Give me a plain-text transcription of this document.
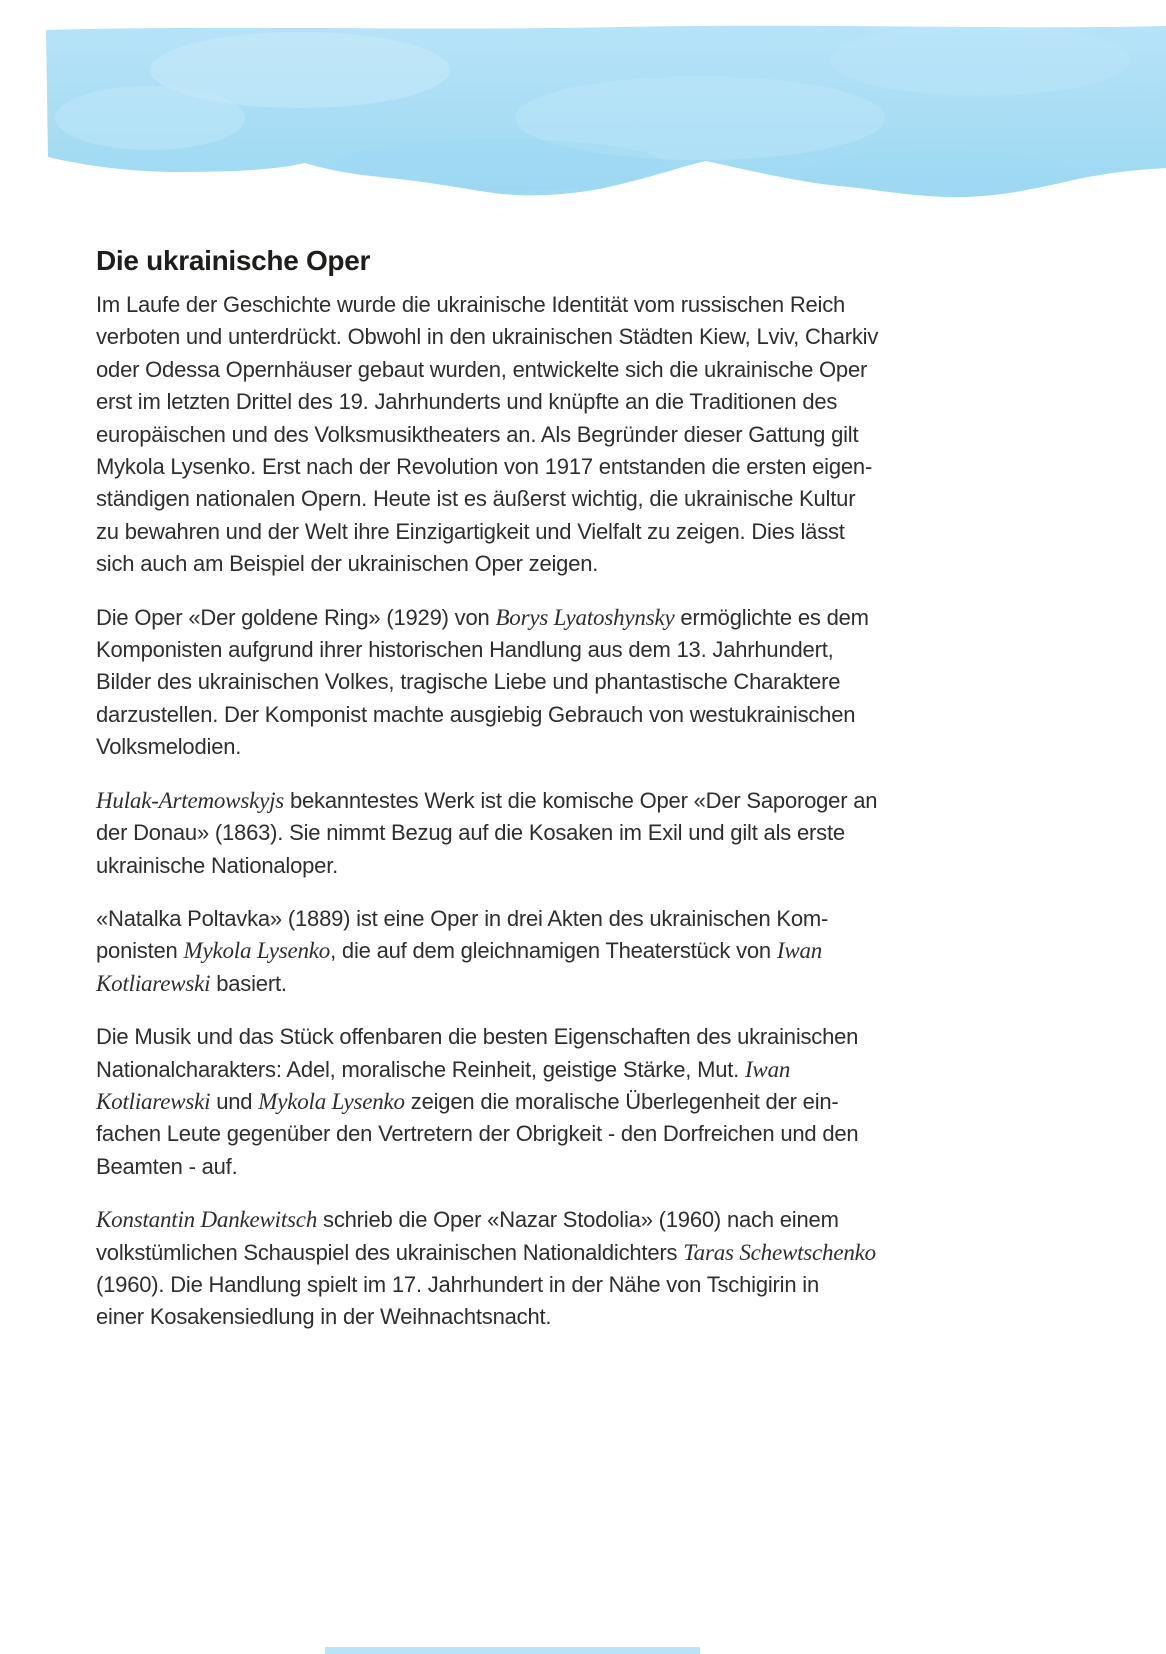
Die ukrainische Oper
Im Laufe der Geschichte wurde die ukrainische Identität vom russischen Reich
verboten und unterdrückt. Obwohl in den ukrainischen Städten Kiew, Lviv, Charkiv
oder Odessa Opernhäuser gebaut wurden, entwickelte sich die ukrainische Oper
erst im letzten Drittel des 19. Jahrhunderts und knüpfte an die Traditionen des
europäischen und des Volksmusiktheaters an. Als Begründer dieser Gattung gilt
Mykola Lysenko. Erst nach der Revolution von 1917 entstanden die ersten eigen-
ständigen nationalen Opern. Heute ist es äußerst wichtig, die ukrainische Kultur
zu bewahren und der Welt ihre Einzigartigkeit und Vielfalt zu zeigen. Dies lässt
sich auch am Beispiel der ukrainischen Oper zeigen.
Die Oper «Der goldene Ring» (1929) von Borys Lyatoshynsky ermöglichte es dem
Komponisten aufgrund ihrer historischen Handlung aus dem 13. Jahrhundert,
Bilder des ukrainischen Volkes, tragische Liebe und phantastische Charaktere
darzustellen. Der Komponist machte ausgiebig Gebrauch von westukrainischen
Volksmelodien.
Hulak-Artemowskyjs bekanntestes Werk ist die komische Oper «Der Saporoger an
der Donau» (1863). Sie nimmt Bezug auf die Kosaken im Exil und gilt als erste
ukrainische Nationaloper.
«Natalka Poltavka» (1889) ist eine Oper in drei Akten des ukrainischen Kom-
ponisten Mykola Lysenko, die auf dem gleichnamigen Theaterstück von Iwan
Kotliarewski basiert.
Die Musik und das Stück offenbaren die besten Eigenschaften des ukrainischen
Nationalcharakters: Adel, moralische Reinheit, geistige Stärke, Mut. Iwan
Kotliarewski und Mykola Lysenko zeigen die moralische Überlegenheit der ein-
fachen Leute gegenüber den Vertretern der Obrigkeit - den Dorfreichen und den
Beamten - auf.
Konstantin Dankewitsch schrieb die Oper «Nazar Stodolia» (1960) nach einem
volkstümlichen Schauspiel des ukrainischen Nationaldichters Taras Schewtschenko
(1960). Die Handlung spielt im 17. Jahrhundert in der Nähe von Tschigirin in
einer Kosakensiedlung in der Weihnachtsnacht.
